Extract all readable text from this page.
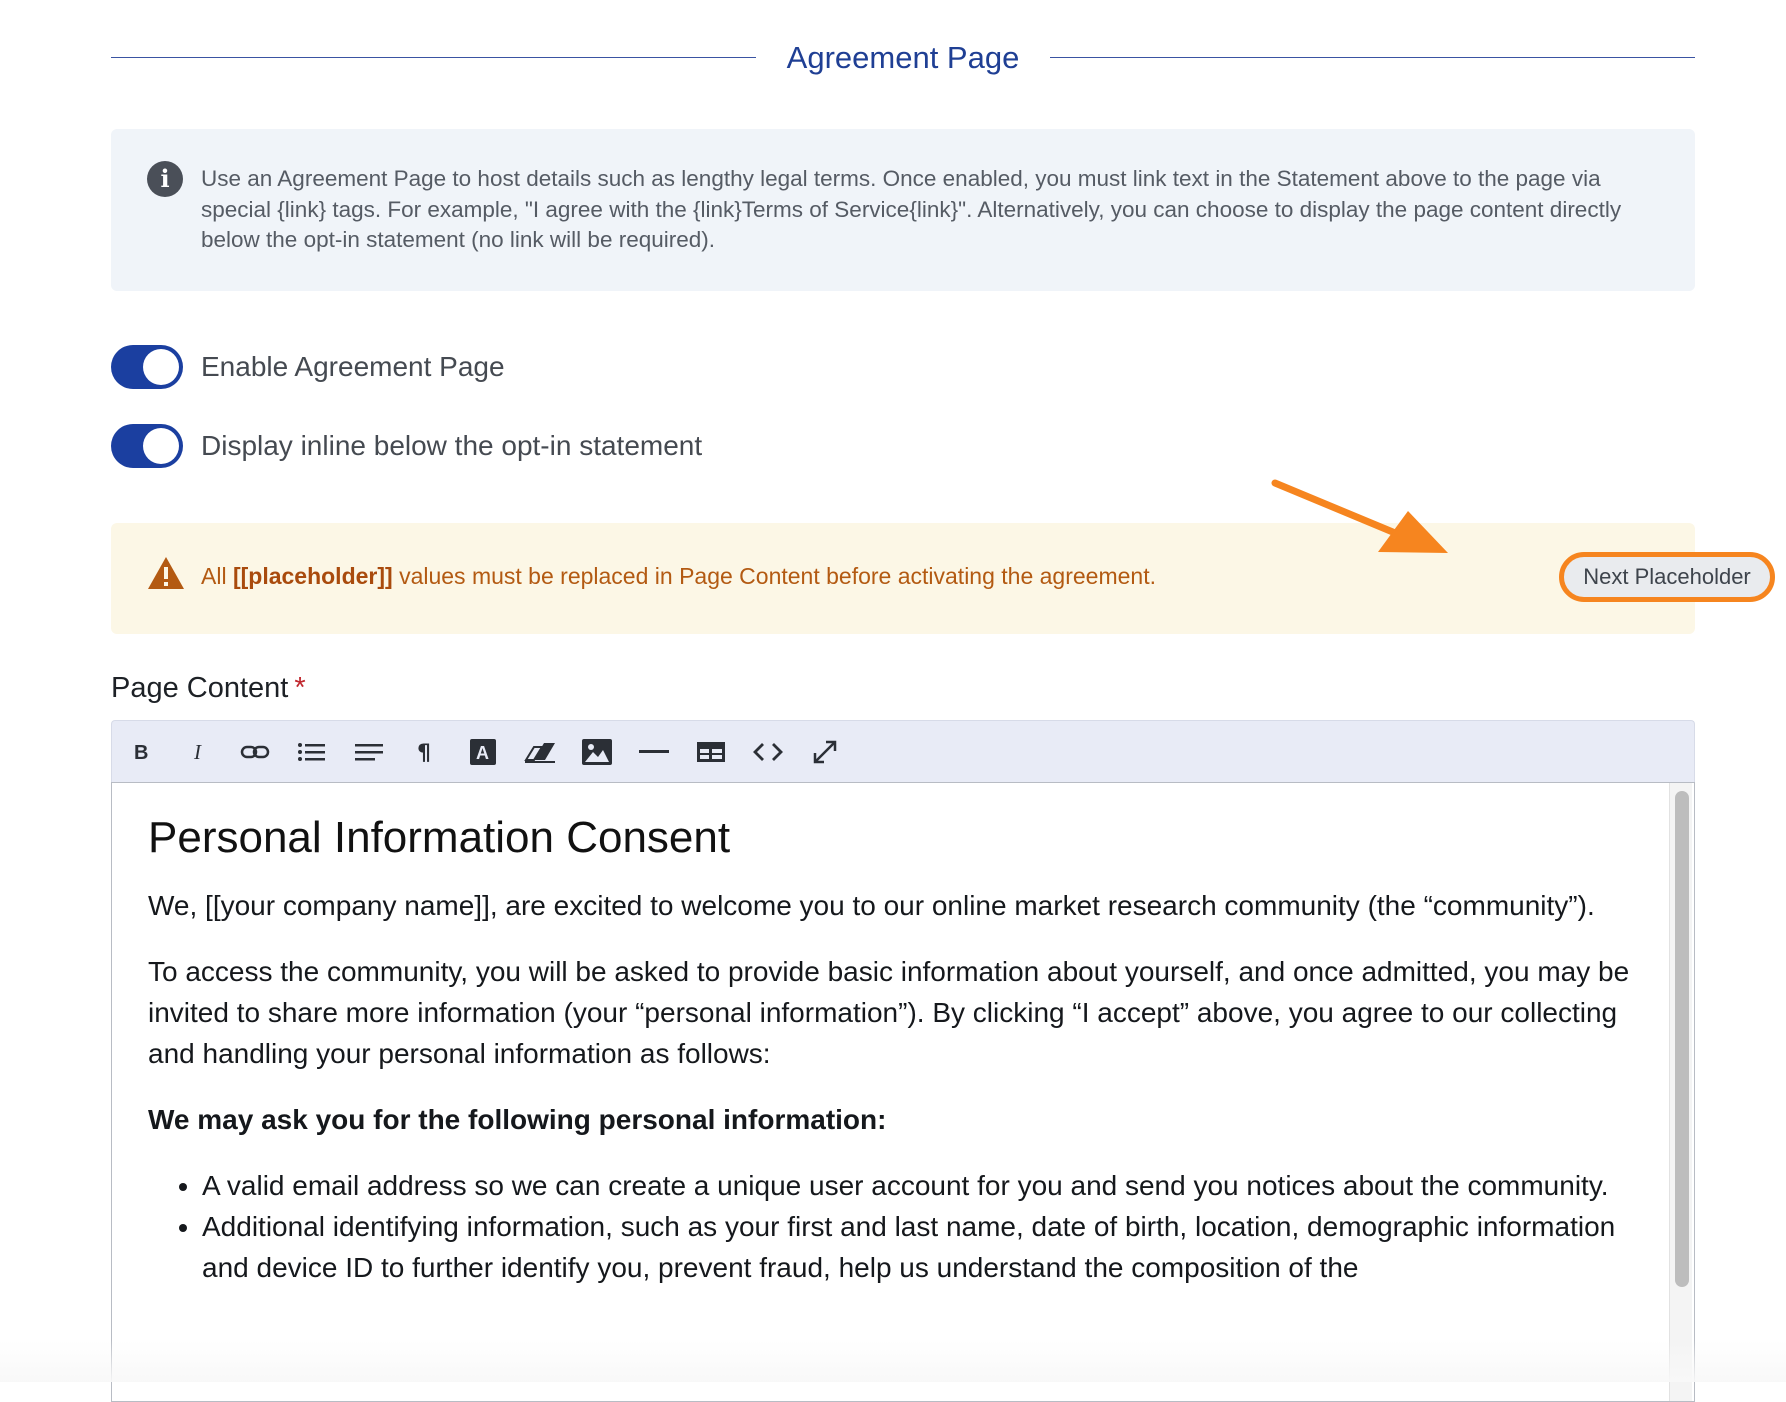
Agreement Page
i	Use an Agreement Page to host details such as lengthy legal terms. Once enabled, you must link text in the Statement above to the page via special {link} tags. For example, "I agree with the {link}Terms of Service{link}". Alternatively, you can choose to display the page content directly below the opt-in statement (no link will be required).
Enable Agreement Page
Display inline below the opt-in statement
All [[placeholder]] values must be replaced in Page Content before activating the agreement.	Next Placeholder
Page Content *
B I	¶	A
Personal Information Consent

We, [[your company name]], are excited to welcome you to our online market research community (the “community”).

To access the community, you will be asked to provide basic information about yourself, and once admitted, you may be invited to share more information (your “personal information”). By clicking “I accept” above, you agree to our collecting and handling your personal information as follows:

We may ask you for the following personal information:

• A valid email address so we can create a unique user account for you and send you notices about the community.
• Additional identifying information, such as your first and last name, date of birth, location, demographic information and device ID to further identify you, prevent fraud, help us understand the composition of the
